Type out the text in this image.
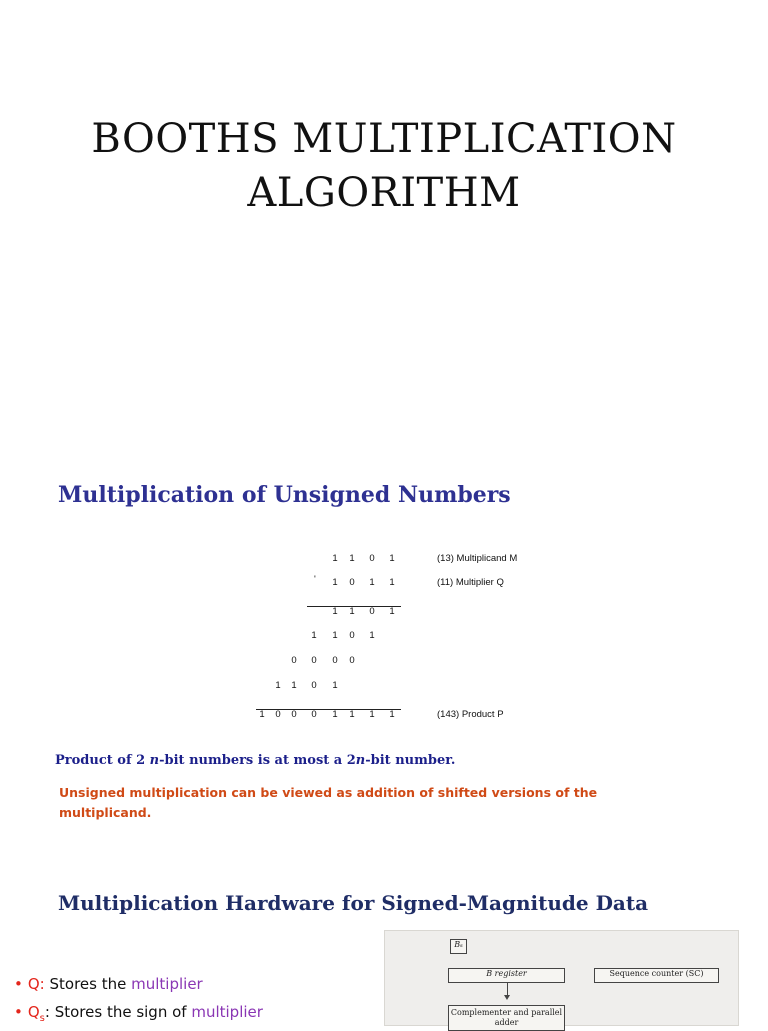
BOOTHS MULTIPLICATION
ALGORITHM
Multiplication of Unsigned Numbers
1 1 0 1	(13) Multiplicand M
1 0 1 1	(11) Multiplier Q
1 1 0 1
1 1 0 1
0 0 0 0
1 1 0 1
1 0 0 0 1 1 1 1	(143) Product P
'
Product of 2 n-bit numbers is at most a 2n-bit number.
Unsigned multiplication can be viewed as addition of shifted versions of the multiplicand.
Multiplication Hardware for Signed-Magnitude Data
• Q: Stores the multiplier
• $Q_s$: Stores the sign of multiplier
Bₛ
B register	Sequence counter (SC)
Complementer and parallel adder
